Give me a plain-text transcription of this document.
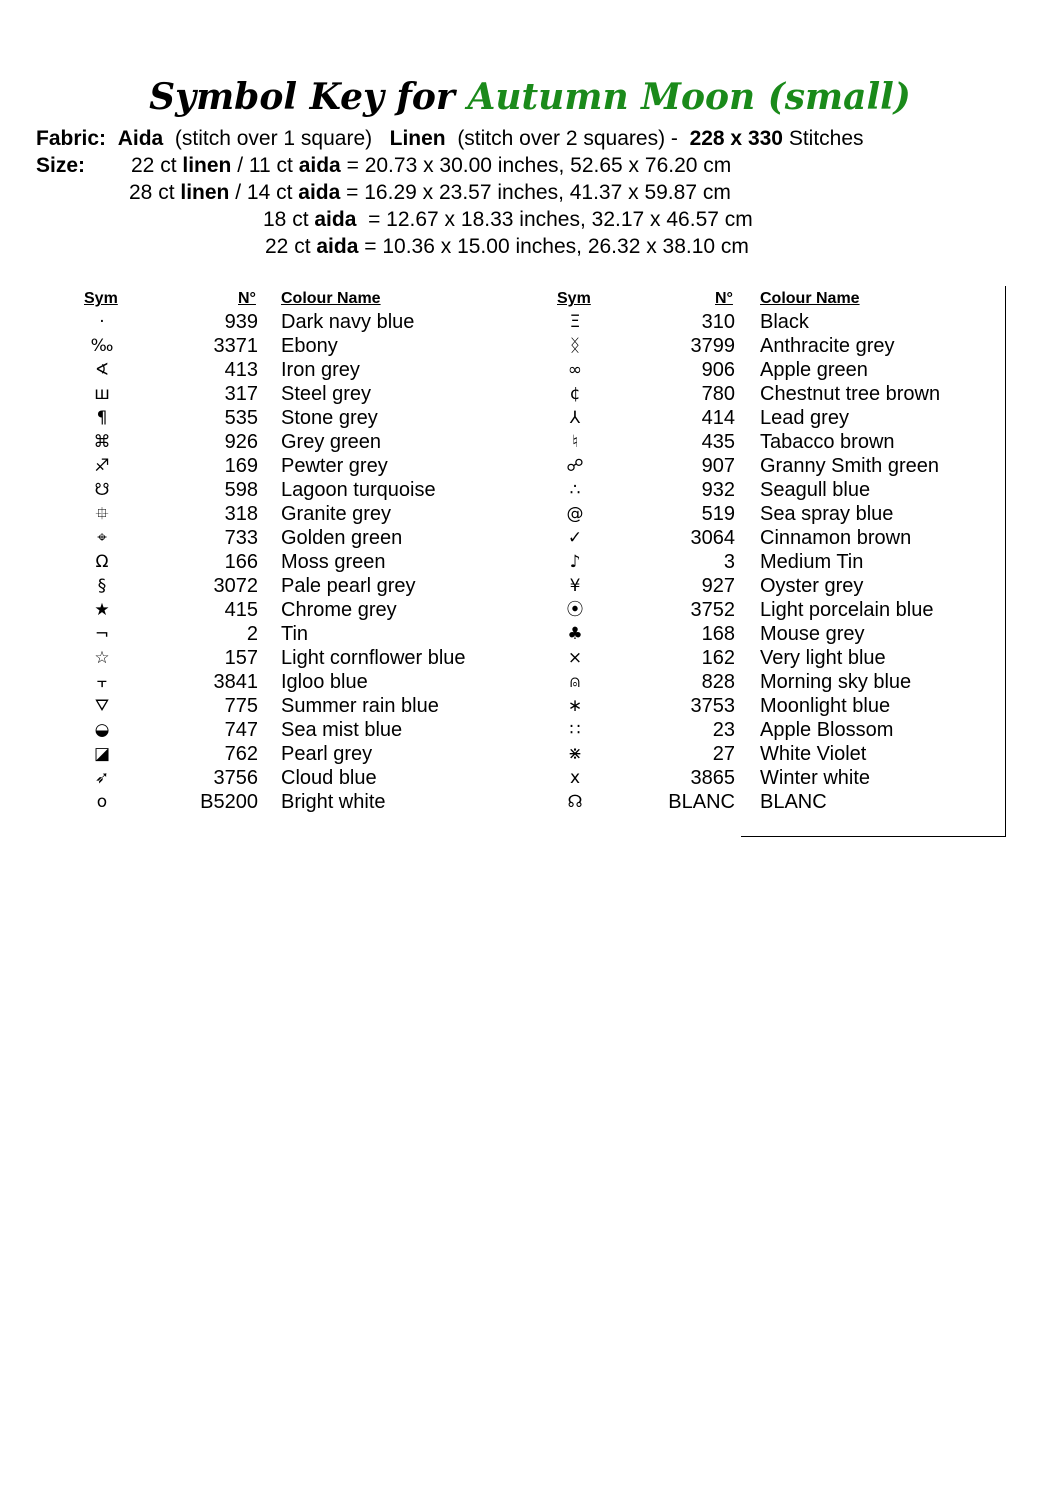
Symbol Key for Autumn Moon (small)
Fabric: Aida (stitch over 1 square) Linen (stitch over 2 squares) - 228 x 330 Stitches
Size: 22 ct linen / 11 ct aida = 20.73 x 30.00 inches, 52.65 x 76.20 cm
28 ct linen / 14 ct aida = 16.29 x 23.57 inches, 41.37 x 59.87 cm
18 ct aida = 12.67 x 18.33 inches, 32.17 x 46.57 cm
22 ct aida = 10.36 x 15.00 inches, 26.32 x 38.10 cm
Sym	N° Colour Name	Sym	N° Colour Name
·	939 Dark navy blue
‰	3371 Ebony
∢	413 Iron grey
ш	317 Steel grey
¶	535 Stone grey
⌘	926 Grey green
♐	169 Pewter grey
☋	598 Lagoon turquoise
⯐	318 Granite grey
⌖	733 Golden green
Ω	166 Moss green
§	3072 Pale pearl grey
★	415 Chrome grey
¬	2 Tin
☆	157 Light cornflower blue
⫟	3841 Igloo blue
⛛	775 Summer rain blue
◒	747 Sea mist blue
◪	762 Pearl grey
➶	3756 Cloud blue
o	B5200 Bright white
Ξ	310 Black
ᛝ	3799 Anthracite grey
∞	906 Apple green
¢	780 Chestnut tree brown
⅄	414 Lead grey
♮	435 Tabacco brown
☍	907 Granny Smith green
∴	932 Seagull blue
@	519 Sea spray blue
✓	3064 Cinnamon brown
♪	3 Medium Tin
¥	927 Oyster grey
⦿	3752 Light porcelain blue
♣	168 Mouse grey
⨯	162 Very light blue
⍝	828 Morning sky blue
∗	3753 Moonlight blue
∷	23 Apple Blossom
⋇	27 White Violet
x	3865 Winter white
☊	BLANC BLANC
